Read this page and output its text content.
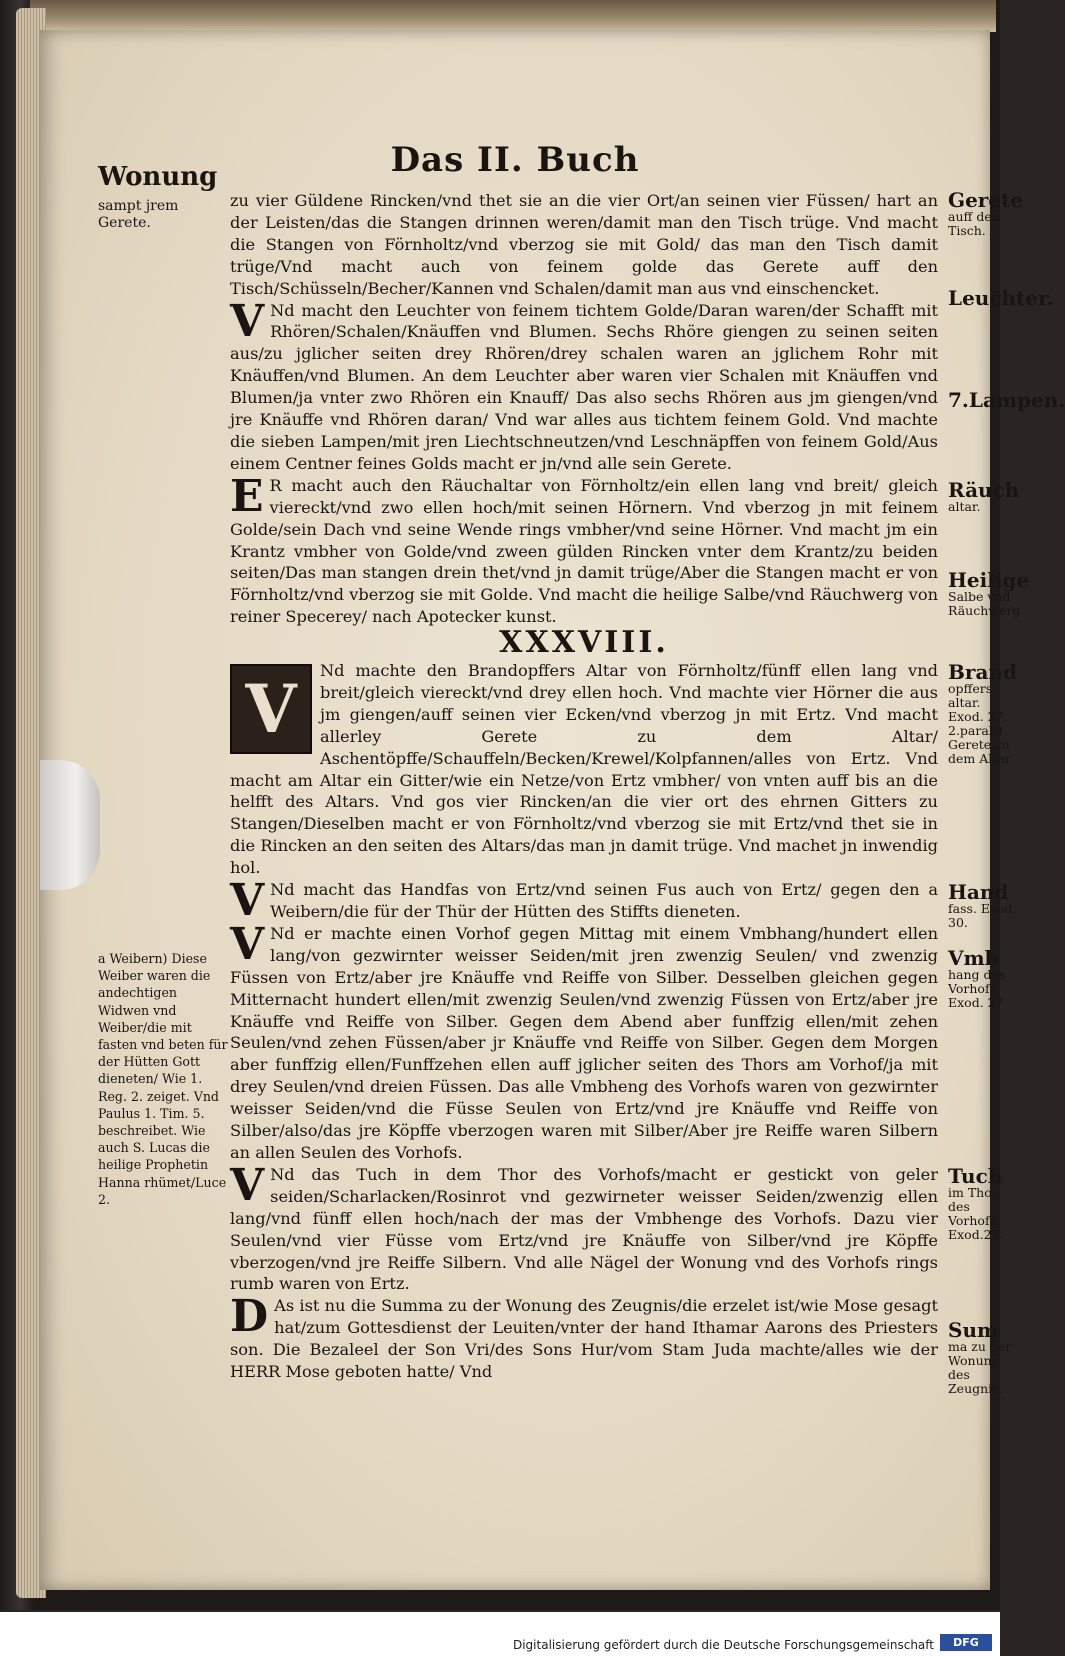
Das II. Buch
Wonung
sampt jrem Gerete.

zu vier Güldene Rincken/vnd thet sie an die vier Ort/an seinen vier Füssen/ hart an der Leisten/das die Stangen drinnen weren/damit man den Tisch trüge. Vnd macht die Stangen von Förnholtz/vnd vberzog sie mit Gold/ das man den Tisch damit trüge/Vnd macht auch von feinem golde das Gerete auff den Tisch/Schüsseln/Becher/Kannen vnd Schalen/damit man aus vnd einschencket.

V Nd macht den Leuchter von feinem tichtem Golde/Daran waren/der Schafft mit Rhören/Schalen/Knäuffen vnd Blumen. Sechs Rhöre giengen zu seinen seiten aus/zu jglicher seiten drey Rhören/drey schalen waren an jglichem Rohr mit Knäuffen/vnd Blumen. An dem Leuchter aber waren vier Schalen mit Knäuffen vnd Blumen/ja vnter zwo Rhören ein Knauff/ Das also sechs Rhören aus jm giengen/vnd jre Knäuffe vnd Rhören daran/ Vnd war alles aus tichtem feinem Gold. Vnd machte die sieben Lampen/mit jren Liechtschneutzen/vnd Leschnäpffen von feinem Gold/Aus einem Centner feines Golds macht er jn/vnd alle sein Gerete.

E R macht auch den Räuchaltar von Förnholtz/ein ellen lang vnd breit/ gleich viereckt/vnd zwo ellen hoch/mit seinen Hörnern. Vnd vberzog jn mit feinem Golde/sein Dach vnd seine Wende rings vmbher/vnd seine Hörner. Vnd macht jm ein Krantz vmbher von Golde/vnd zween gülden Rincken vnter dem Krantz/zu beiden seiten/Das man stangen drein thet/vnd jn damit trüge/Aber die Stangen macht er von Förnholtz/vnd vberzog sie mit Golde. Vnd macht die heilige Salbe/vnd Räuchwerg von reiner Specerey/ nach Apotecker kunst.

XXXVIII.

V	Nd machte den Brandopffers Altar von Förnholtz/fünff ellen lang vnd breit/gleich viereckt/vnd drey ellen hoch. Vnd machte vier Hörner die aus jm giengen/auff seinen vier Ecken/vnd vberzog jn mit Ertz. Vnd macht allerley Gerete zu dem Altar/ Aschentöpffe/Schauffeln/Becken/Krewel/Kolpfannen/alles von Ertz. Vnd macht am Altar ein Gitter/wie ein Netze/von Ertz vmbher/ von vnten auff bis an die helfft des Altars. Vnd gos vier Rincken/an die vier ort des ehrnen Gitters zu Stangen/Dieselben macht er von Förnholtz/vnd vberzog sie mit Ertz/vnd thet sie in die Rincken an den seiten des Altars/das man jn damit trüge. Vnd machet jn inwendig hol.

V Nd macht das Handfas von Ertz/vnd seinen Fus auch von Ertz/ gegen den a Weibern/die für der Thür der Hütten des Stiffts dieneten.

V Nd er machte einen Vorhof gegen Mittag mit einem Vmbhang/hundert ellen lang/von gezwirnter weisser Seiden/mit jren zwenzig Seulen/ vnd zwenzig Füssen von Ertz/aber jre Knäuffe vnd Reiffe von Silber. Desselben gleichen gegen Mitternacht hundert ellen/mit zwenzig Seulen/vnd zwenzig Füssen von Ertz/aber jre Knäuffe vnd Reiffe von Silber. Gegen dem Abend aber funffzig ellen/mit zehen Seulen/vnd zehen Füssen/aber jr Knäuffe vnd Reiffe von Silber. Gegen dem Morgen aber funffzig ellen/Funffzehen ellen auff jglicher seiten des Thors am Vorhof/ja mit drey Seulen/vnd dreien Füssen. Das alle Vmbheng des Vorhofs waren von gezwirnter weisser Seiden/vnd die Füsse Seulen von Ertz/vnd jre Knäuffe vnd Reiffe von Silber/also/das jre Köpffe vberzogen waren mit Silber/Aber jre Reiffe waren Silbern an allen Seulen des Vorhofs.

V Nd das Tuch in dem Thor des Vorhofs/macht er gestickt von geler seiden/Scharlacken/Rosinrot vnd gezwirneter weisser Seiden/zwenzig ellen lang/vnd fünff ellen hoch/nach der mas der Vmbhenge des Vorhofs. Dazu vier Seulen/vnd vier Füsse vom Ertz/vnd jre Knäuffe von Silber/vnd jre Köpffe vberzogen/vnd jre Reiffe Silbern. Vnd alle Nägel der Wonung vnd des Vorhofs rings rumb waren von Ertz.

D As ist nu die Summa zu der Wonung des Zeugnis/die erzelet ist/wie Mose gesagt hat/zum Gottesdienst der Leuiten/vnter der hand Ithamar Aarons des Priesters son. Die Bezaleel der Son Vri/des Sons Hur/vom Stam Juda machte/alles wie der HERR Mose geboten hatte/ Vnd

Gerete
auff den Tisch.
Leuchter.
7.Lampen.
Räuch
altar.
Heilige
Salbe vnd Räuchwerg.
Brand
opffers altar. Exod. 27. 2.paral.1. Gerete zu dem Altar
Hand
fass. Exod. 30.
Vmb
hang des Vorhofs. Exod. 27
Tuch
im Thor des Vorhofs. Exod.27.
Sum
ma zu der Wonung des Zeugnis.
a Weibern) Diese Weiber waren die andechtigen Widwen vnd Weiber/die mit fasten vnd beten für der Hütten Gott dieneten/ Wie 1. Reg. 2. zeiget. Vnd Paulus 1. Tim. 5. beschreibet. Wie auch S. Lucas die heilige Prophetin Hanna rhümet/Luce 2.
Digitalisierung gefördert durch die Deutsche Forschungsgemeinschaft	DFG
